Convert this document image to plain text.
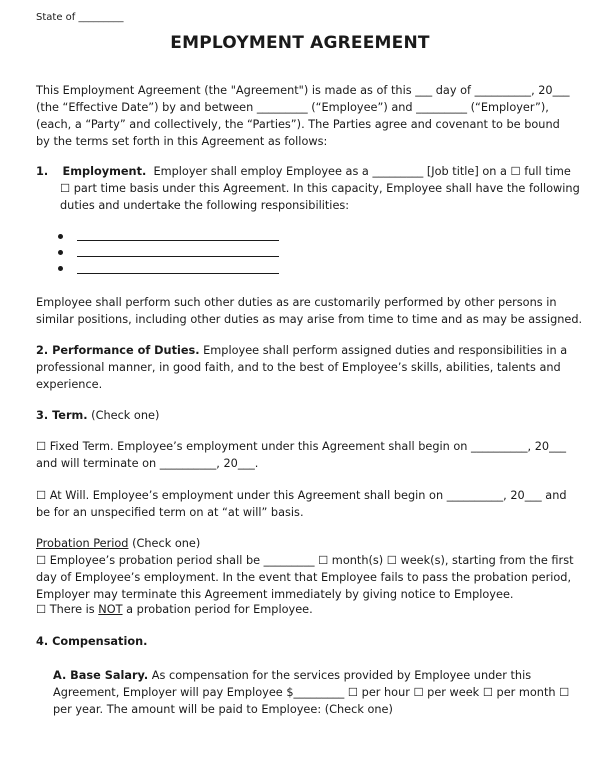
State of _________
EMPLOYMENT AGREEMENT
This Employment Agreement (the "Agreement") is made as of this ___ day of __________, 20___
(the “Effective Date”) by and between _________ (“Employee”) and _________ (“Employer”),
(each, a “Party” and collectively, the “Parties”). The Parties agree and covenant to be bound
by the terms set forth in this Agreement as follows:
1. Employment. Employer shall employ Employee as a _________ [Job title] on a ☐ full time
☐ part time basis under this Agreement. In this capacity, Employee shall have the following
duties and undertake the following responsibilities:
Employee shall perform such other duties as are customarily performed by other persons in
similar positions, including other duties as may arise from time to time and as may be assigned.
2. Performance of Duties. Employee shall perform assigned duties and responsibilities in a
professional manner, in good faith, and to the best of Employee’s skills, abilities, talents and
experience.
3. Term. (Check one)
☐ Fixed Term. Employee’s employment under this Agreement shall begin on __________, 20___
and will terminate on __________, 20___.
☐ At Will. Employee’s employment under this Agreement shall begin on __________, 20___ and
be for an unspecified term on at “at will” basis.
Probation Period (Check one)
☐ Employee’s probation period shall be _________ ☐ month(s) ☐ week(s), starting from the first
day of Employee’s employment. In the event that Employee fails to pass the probation period,
Employer may terminate this Agreement immediately by giving notice to Employee.
☐ There is NOT a probation period for Employee.
4. Compensation.
A. Base Salary. As compensation for the services provided by Employee under this
Agreement, Employer will pay Employee $_________ ☐ per hour ☐ per week ☐ per month ☐
per year. The amount will be paid to Employee: (Check one)
